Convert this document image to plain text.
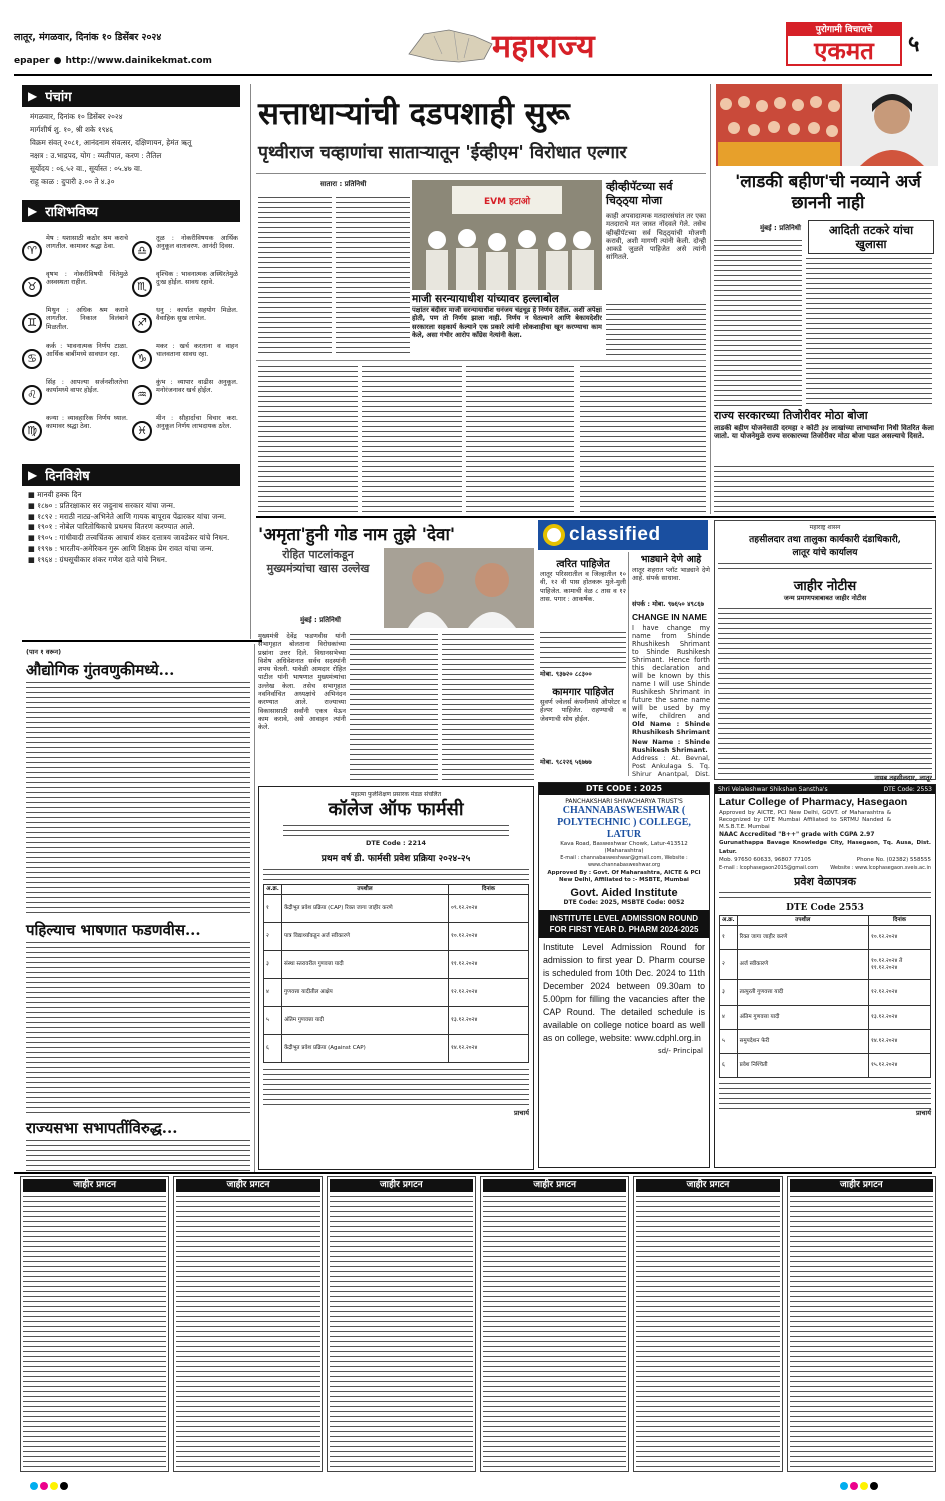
लातूर, मंगळवार, दिनांक १० डिसेंबर २०२४
epaper ● http://www.dainikekmat.com	महाराज्य	पुरोगामी विचाराचे
एकमत	५
▶ पंचांग
मंगळवार, दिनांक १० डिसेंबर २०२४
मार्गशीर्ष शु. १०, श्री शके १९४६
विक्रम संवत् २०८१, आनंदनाम संवत्सर, दक्षिणायन, हेमंत ऋतू
नक्षत्र : उ.भाद्रपद, योग : व्यतीपात, करण : तैतिल
सूर्योदय : ०६.५२ वा., सूर्यास्त : ०५.४७ वा.
राहू काळ : दुपारी ३.०० ते ४.३०
▶ राशिभविष्य
♈
मेष : यशासाठी कठोर श्रम कराचे लागतील. कामावर श्रद्धा ठेवा.
♉
वृषभ : नोकरीविषयी चिंतेमुळे अस्वस्थता राहील.
♊
मिथुन : अधिक श्रम करावे लागतील. निकाल विलंबाने मिळतील.
♋
कर्क : भावनात्मक निर्णय टाळा. आर्थिक बाबींमध्ये सावधान रहा.
♌
सिंह : आपल्या सर्जनशीलतेचा कार्यामध्ये वापर होईल.
♍
कन्या : व्यावहारिक निर्णय घ्याल. कामावर श्रद्धा ठेवा.
♎
तूळ : नोकरीविषयक आर्थिक अनुकूल वातावरण. आनंदी दिवस.
♏
वृश्चिक : भावनात्मक अस्थिरतेमुळे दुःख होईल. सावध रहावे.
♐
धनु : कार्यात सहयोग मिळेल. वैवाहिक सुख लाभेल.
♑
मकर : खर्च करताना व वाहन चालवताना सावध रहा.
♒
कुंभ : व्यापार वाढीस अनुकूल. मनोरंजनावर खर्च होईल.
♓
मीन : सौहार्दाचा विचार करा. अनुकूल निर्णय लाभदायक ठरेल.
▶ दिनविशेष
■ मानवी हक्क दिन
■ १८७० : प्रतिरक्षाकार सर जदुनाथ सरकार यांचा जन्म.
■ १८९२ : मराठी नाट्य-अभिनेते आणि गायक बापूराव पेंढारकर यांचा जन्म.
■ १९०१ : नोबेल पारितोषिकाचे प्रथमच वितरण करण्यात आले.
■ १९०५ : गांधीवादी तत्त्वचिंतक आचार्य शंकर दत्तात्रय जावडेकर यांचे निधन.
■ १९९७ : भारतीय-अमेरिकन गुरू आणि शिक्षक प्रेम रावत यांचा जन्म.
■ १९६४ : ग्रंथसूचीकार शंकर गणेश दाते यांचे निधन.
सत्ताधाऱ्यांची दडपशाही सुरू
पृथ्वीराज चव्हाणांचा साताऱ्यातून 'ईव्हीएम' विरोधात एल्गार
सातारा : प्रतिनिधी
EVM हटाओ
माजी सरन्यायाधीश यांच्यावर हल्लाबोल
पक्षांतर बंदीवर माजी सरन्यायाधीश धनंजय चंद्रचूड हे निर्णय देतील. अशी अपेक्षा होती, पण तो निर्णय झाला नाही. निर्णय न घेतल्याने आणि बेकायदेशीर सरकारला सहकार्य केल्याने एक प्रकारे त्यांनी लोकशाहीचा खून करण्याचा काम केले, असा गंभीर आरोप काँग्रेस नेत्यांनी केला.
व्हीव्हीपॅटच्या सर्व चिठ्ठ्या मोजा
काही अपवादात्मक मतदारसंघांत तर एका मतदाराचे मत जास्त नोंदवले गेले. तसेच व्हीव्हीपॅटच्या सर्व चिठ्ठ्यांची मोजणी करावी, अशी मागणी त्यांनी केली. दोन्ही आकडे जुळले पाहिजेत असे त्यांनी सांगितले.
'लाडकी बहीण'ची नव्याने अर्ज छाननी नाही
आदिती तटकरे यांचा खुलासा
मुंबई : प्रतिनिधी
राज्य सरकारच्या तिजोरीवर मोठा बोजा
लाडकी बहीण योजनेसाठी दरमहा २ कोटी ३४ लाखांच्या लाभार्थ्यांना निधी वितरित केला जातो. या योजनेमुळे राज्य सरकारच्या तिजोरीवर मोठा बोजा पडत असल्याचे दिसते.
'अमृता'हुनी गोड नाम तुझे 'देवा'
रोहित पाटलांकडून मुख्यमंत्र्यांचा खास उल्लेख
मुंबई : प्रतिनिधी
मुख्यमंत्री देवेंद्र फडणवीस यांनी सभागृहात बोलताना विरोधकांच्या प्रश्नांना उत्तर दिले. विधानसभेच्या विशेष अधिवेशनात सर्वच सदस्यांनी शपथ घेतली. यावेळी आमदार रोहित पाटील यांनी भाषणात मुख्यमंत्र्यांचा उल्लेख केला. तसेच सभागृहात नवनिर्वाचित अध्यक्षांचे अभिनंदन करण्यात आले. राज्याच्या विकासासाठी सर्वांनी एकत्र येऊन काम करावे, असे आवाहन त्यांनी केले.
(पान १ वरून)
औद्योगिक गुंतवणुकीमध्ये...
पहिल्याच भाषणात फडणवीस...
राज्यसभा सभापतींविरुद्ध...
महात्मा फुलेशिक्षण प्रसारक मंडळ संचलित
कॉलेज ऑफ फार्मसी
DTE Code : 2214
प्रथम वर्ष डी. फार्मसी प्रवेश प्रक्रिया २०२४-२५
अ.क्र.	तपशील	दिनांक
१	केंद्रीभूत प्रवेश प्रक्रिया (CAP) रिक्त जागा जाहीर करणे	०९.१२.२०२४
२	पात्र विद्यार्थ्यांकडून अर्ज स्वीकारणे	१०.१२.२०२४
३	संस्था स्तरावरील गुणवत्ता यादी	११.१२.२०२४
४	गुणवत्ता यादीतील आक्षेप	१२.१२.२०२४
५	अंतिम गुणवत्ता यादी	१३.१२.२०२४
६	केंद्रीभूत प्रवेश प्रक्रिया (Against CAP)	१४.१२.२०२४
प्राचार्य
classified
त्वरित पाहिजेत
लातूर परिसरातील व जिल्हातील १० वी, १२ वी पास होतकरू मुले-मुली पाहिजेत. कामाची वेळ ८ तास व १२ तास. पगार : आकर्षक.
मोबा. ९३७२० ८८३००
कामगार पाहिजेत
सुवर्ण ज्वेलर्स कंपनीमध्ये ऑपरेटर व हेल्पर पाहिजेत. राहण्याची व जेवणाची सोय होईल.
मोबा. ९८२२६ ५६७७७
भाड्याने देणे आहे
लातूर शहरात प्लॉट भाड्याने देणे आहे. संपर्क साधावा.
संपर्क : मोबा. ९७६५० ४९८६७
CHANGE IN NAME
I have change my name from Shinde Rhushikesh Shrimant to Shinde Rushikesh Shrimant. Hence forth this declaration and will be known by this name I will use Shinde Rushikesh Shrimant in future the same name will be used by my wife, children and
Old Name : Shinde Rhushikesh Shrimant
New Name : Shinde Rushikesh Shrimant.
Address : At. Bevnal, Post Ankulaga S. Tq. Shirur Anantpal, Dist.
DTE CODE : 2025
PANCHAKSHARI SHIVACHARYA TRUST'S
CHANNABASWESHWAR ( POLYTECHNIC ) COLLEGE, LATUR
Kava Road, Basweshwar Chowk, Latur-413512 (Maharashtra)
E-mail : channabasweshwar@gmail.com, Website : www.channabasweshwar.org
Approved By : Govt. Of Maharashtra, AICTE & PCI New Delhi, Affiliated to :- MSBTE, Mumbai
Govt. Aided Institute
DTE Code: 2025, MSBTE Code: 0052
INSTITUTE LEVEL ADMISSION ROUND FOR FIRST YEAR D. PHARM 2024-2025
Institute Level Admission Round for admission to first year D. Pharm course is scheduled from 10th Dec. 2024 to 11th December 2024 between 09.30am to 5.00pm for filling the vacancies after the CAP Round. The detailed schedule is available on college notice board as well as on college, website: www.cdphl.org.in
sd/- Principal
महाराष्ट्र शासन
तहसीलदार तथा तालुका कार्यकारी दंडाधिकारी,
लातूर यांचे कार्यालय
जाहीर नोटीस
जन्म प्रमाणपत्राबाबत जाहीर नोटीस
नायब तहसीलदार, लातूर
Shri Velaleshwar Shikshan Sanstha's	DTE Code: 2553
Latur College of Pharmacy, Hasegaon
Approved by AICTE, PCI New Delhi, GOVT. of Maharashtra & Recognized by DTE Mumbai Affiliated to SRTMU Nanded & M.S.B.T.E. Mumbai
NAAC Accredited "B++" grade with CGPA 2.97
Gurunathappa Bavage Knowledge City, Hasegaon, Tq. Ausa, Dist. Latur.
Mob. 97650 60633, 96807 77105	Phone No. (02382) 558555
E-mail : lcophasegaon2015@gmail.com Website : www.lcophasegaon.sveis.ac.in
प्रवेश वेळापत्रक
DTE Code 2553
अ.क्र.	तपशील	दिनांक
१	रिक्त जागा जाहीर करणे	१०.१२.२०२४
२	अर्ज स्वीकारणे	१०.१२.२०२४ ते ११.१२.२०२४
३	तात्पुरती गुणवत्ता यादी	१२.१२.२०२४
४	अंतिम गुणवत्ता यादी	१३.१२.२०२४
५	समुपदेशन फेरी	१४.१२.२०२४
६	प्रवेश निश्चिती	१५.१२.२०२४
प्राचार्य
जाहीर प्रगटन	जाहीर प्रगटन	जाहीर प्रगटन	जाहीर प्रगटन	जाहीर प्रगटन	जाहीर प्रगटन
